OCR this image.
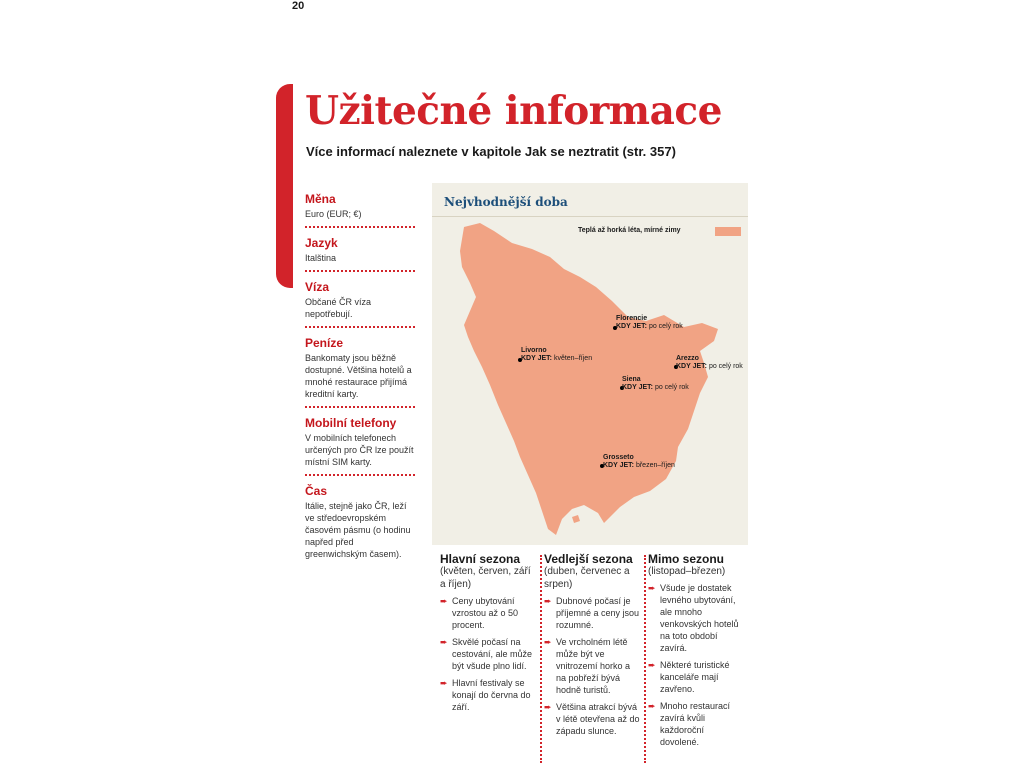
20
Užitečné informace
Více informací naleznete v kapitole Jak se neztratit (str. 357)
Měna
Euro (EUR; €)
Jazyk
Italština
Víza
Občané ČR víza nepotřebují.
Peníze
Bankomaty jsou běžně dostupné. Většina hotelů a mnohé restaurace přijímá kreditní karty.
Mobilní telefony
V mobilních telefonech určených pro ČR lze použít místní SIM karty.
Čas
Itálie, stejně jako ČR, leží ve středoevropském časovém pásmu (o hodinu napřed před greenwichským časem).
Nejvhodnější doba
Teplá až horká léta, mírné zimy
Florencie
KDY JET: po celý rok
Livorno
KDY JET: květen–říjen	Arezzo
KDY JET: po celý rok
Siena
KDY JET: po celý rok
Grosseto
KDY JET: březen–říjen
Hlavní sezona
(květen, červen, září a říjen)
➨ Ceny ubytování vzrostou až o 50 procent.
➨ Skvělé počasí na cestování, ale může být všude plno lidí.
➨ Hlavní festivaly se konají do června do září.
Vedlejší sezona
(duben, červenec a srpen)
➨ Dubnové počasí je příjemné a ceny jsou rozumné.
➨ Ve vrcholném létě může být ve vnitrozemí horko a na pobřeží bývá hodně turistů.
➨ Většina atrakcí bývá v létě otevřena až do západu slunce.
Mimo sezonu
(listopad–březen)
➨ Všude je dostatek levného ubytování, ale mnoho venkovských hotelů na toto období zavírá.
➨ Některé turistické kanceláře mají zavřeno.
➨ Mnoho restaurací zavírá kvůli každoroční dovolené.
